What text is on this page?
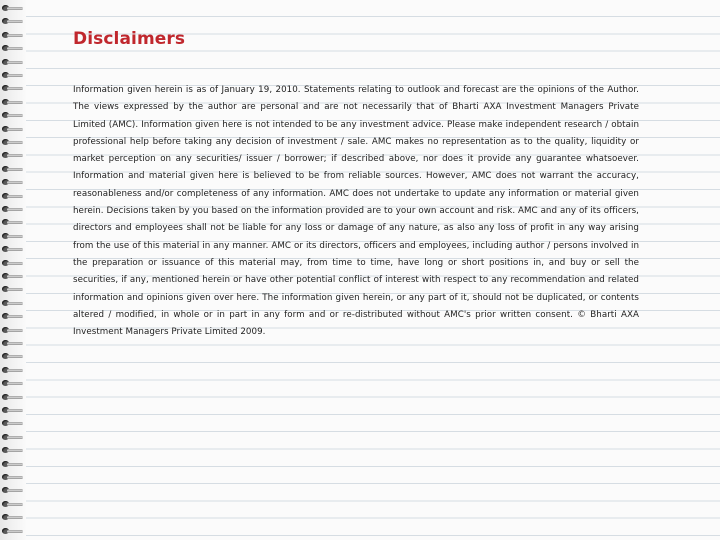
Disclaimers

Information given herein is as of January 19, 2010. Statements relating to outlook and forecast are the opinions of the Author. The views expressed by the author are personal and are not necessarily that of Bharti AXA Investment Managers Private Limited (AMC). Information given here is not intended to be any investment advice. Please make independent research / obtain professional help before taking any decision of investment / sale. AMC makes no representation as to the quality, liquidity or market perception on any securities/ issuer / borrower; if described above, nor does it provide any guarantee whatsoever. Information and material given here is believed to be from reliable sources. However, AMC does not warrant the accuracy, reasonableness and/or completeness of any information. AMC does not undertake to update any information or material given herein. Decisions taken by you based on the information provided are to your own account and risk. AMC and any of its officers, directors and employees shall not be liable for any loss or damage of any nature, as also any loss of profit in any way arising from the use of this material in any manner. AMC or its directors, officers and employees, including author / persons involved in the preparation or issuance of this material may, from time to time, have long or short positions in, and buy or sell the securities, if any, mentioned herein or have other potential conflict of interest with respect to any recommendation and related information and opinions given over here. The information given herein, or any part of it, should not be duplicated, or contents altered / modified, in whole or in part in any form and or re-distributed without AMC's prior written consent. © Bharti AXA Investment Managers Private Limited 2009.
